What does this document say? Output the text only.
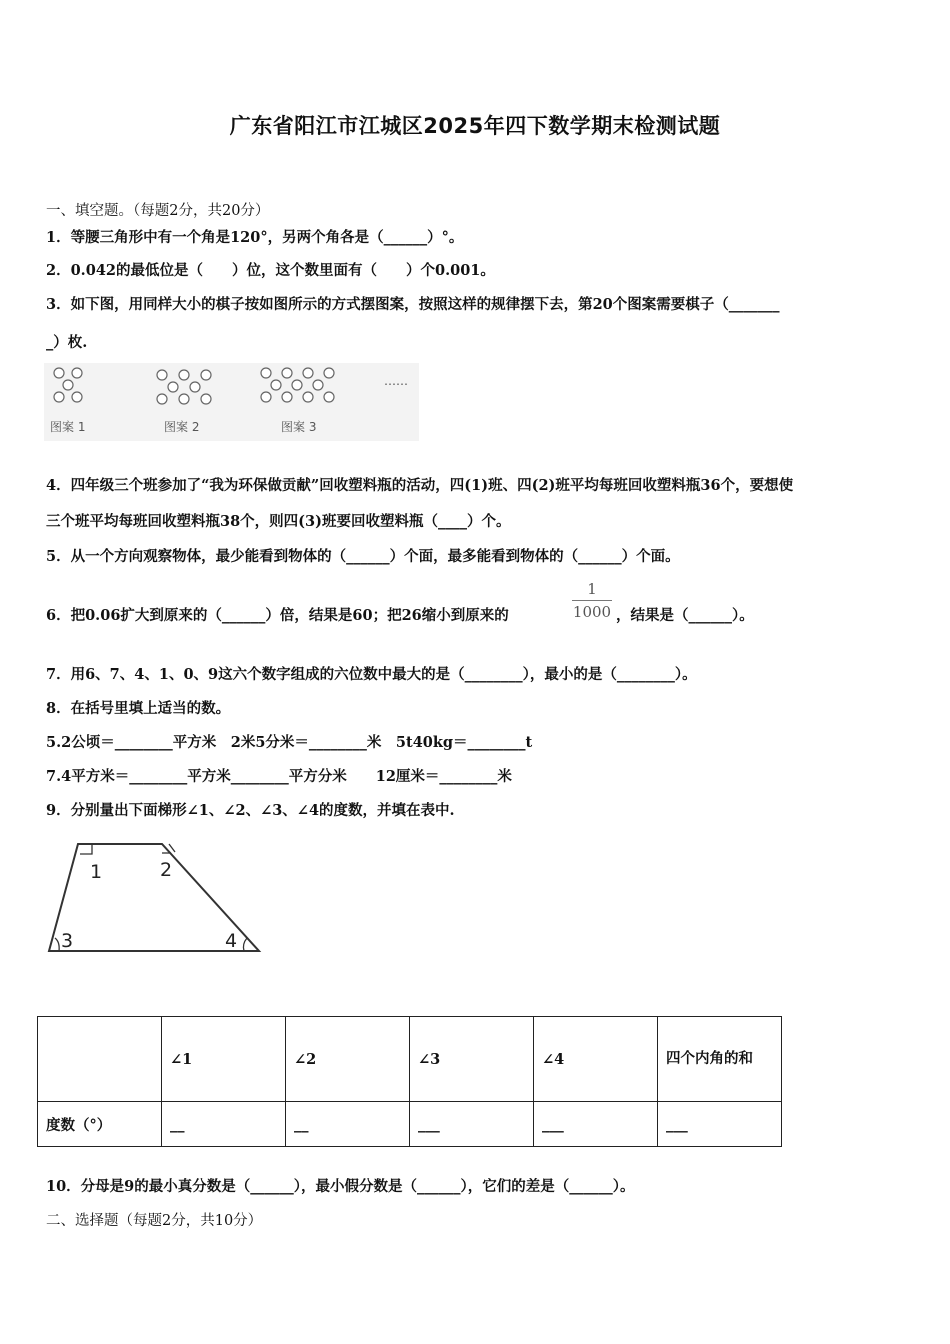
广东省阳江市江城区2025年四下数学期末检测试题
一、填空题。（每题2分，共20分）
1．等腰三角形中有一个角是120°，另两个角各是（______）°。
2．0.042的最低位是（　　）位，这个数里面有（　　）个0.001。
3．如下图，用同样大小的棋子按如图所示的方式摆图案，按照这样的规律摆下去，第20个图案需要棋子（_______
_）枚.
图案 1	图案 2	图案 3
……
4．四年级三个班参加了“我为环保做贡献”回收塑料瓶的活动，四(1)班、四(2)班平均每班回收塑料瓶36个，要想使
三个班平均每班回收塑料瓶38个，则四(3)班要回收塑料瓶（____）个。
5．从一个方向观察物体，最少能看到物体的（______）个面，最多能看到物体的（______）个面。
6．把0.06扩大到原来的（______）倍，结果是60；把26缩小到原来的
1
1000 ，结果是（______）。
7．用6、7、4、1、0、9这六个数字组成的六位数中最大的是（________），最小的是（________）。
8．在括号里填上适当的数。
5.2公顷＝________平方米　2米5分米＝________米　5t40kg＝________t
7.4平方米＝________平方米________平方分米　　12厘米＝________米
9．分别量出下面梯形∠1、∠2、∠3、∠4的度数，并填在表中.
1	2
3	4
	∠1	∠2	∠3	∠4	四个内角的和
度数（°）	__	__	___	___	___
10．分母是9的最小真分数是（______），最小假分数是（______），它们的差是（______）。
二、选择题（每题2分，共10分）
